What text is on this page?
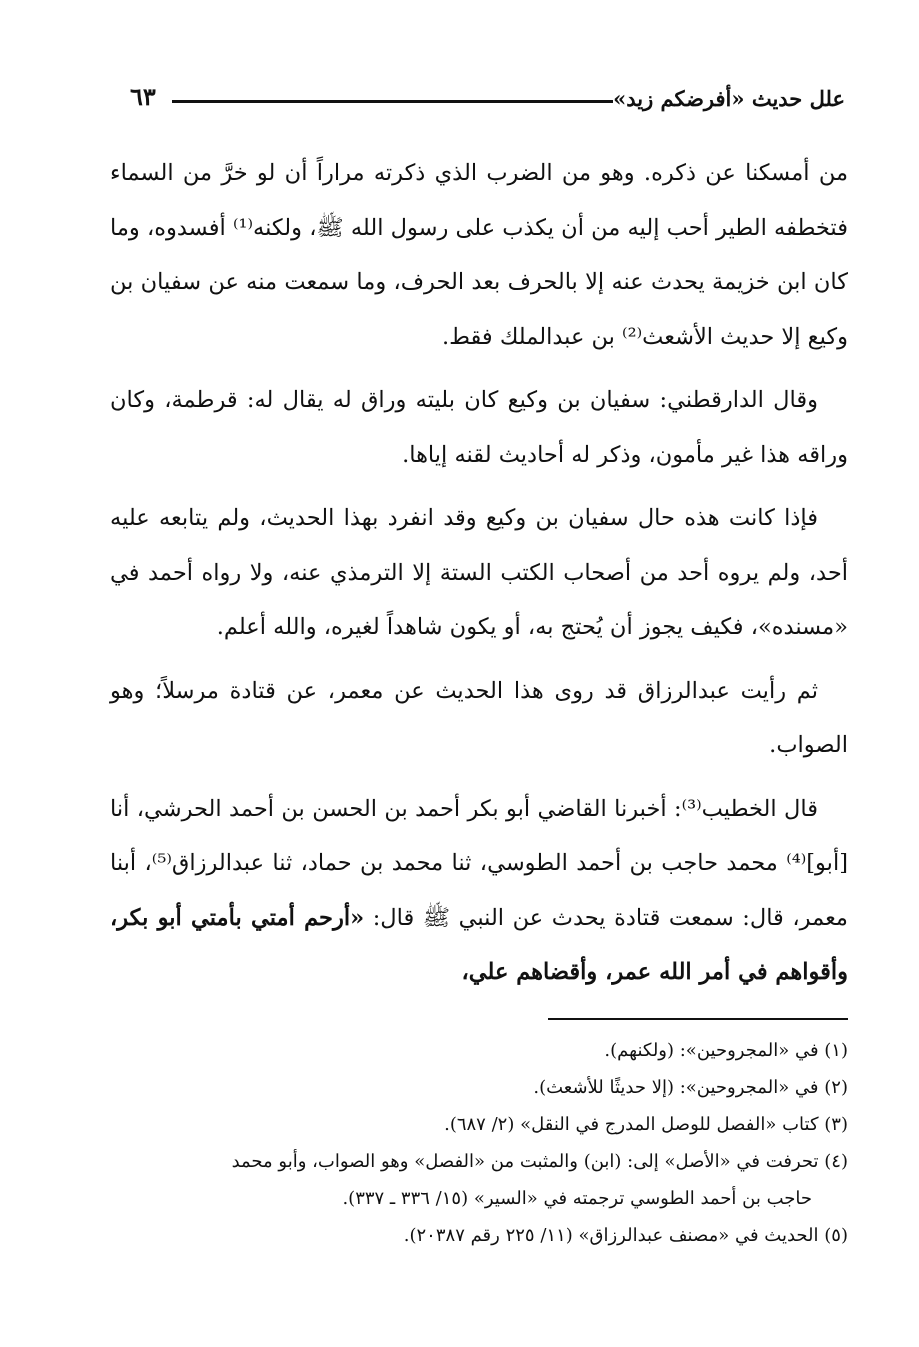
علل حديث «أفرضكم زيد»
٦٣

من أمسكنا عن ذكره. وهو من الضرب الذي ذكرته مراراً أن لو خرَّ من السماء فتخطفه الطير أحب إليه من أن يكذب على رسول الله ﷺ، ولكنه⁽¹⁾ أفسدوه، وما كان ابن خزيمة يحدث عنه إلا بالحرف بعد الحرف، وما سمعت منه عن سفيان بن وكيع إلا حديث الأشعث⁽²⁾ بن عبدالملك فقط.

وقال الدارقطني: سفيان بن وكيع كان بليته وراق له يقال له: قرطمة، وكان وراقه هذا غير مأمون، وذكر له أحاديث لقنه إياها.

فإذا كانت هذه حال سفيان بن وكيع وقد انفرد بهذا الحديث، ولم يتابعه عليه أحد، ولم يروه أحد من أصحاب الكتب الستة إلا الترمذي عنه، ولا رواه أحمد في «مسنده»، فكيف يجوز أن يُحتج به، أو يكون شاهداً لغيره، والله أعلم.

ثم رأيت عبدالرزاق قد روى هذا الحديث عن معمر، عن قتادة مرسلاً؛ وهو الصواب.

قال الخطيب⁽³⁾: أخبرنا القاضي أبو بكر أحمد بن الحسن بن أحمد الحرشي، أنا [أبو]⁽⁴⁾ محمد حاجب بن أحمد الطوسي، ثنا محمد بن حماد، ثنا عبدالرزاق⁽⁵⁾، أبنا معمر، قال: سمعت قتادة يحدث عن النبي ﷺ قال: «أرحم أمتي بأمتي أبو بكر، وأقواهم في أمر الله عمر، وأقضاهم علي،

(١) في «المجروحين»: (ولكنهم).

(٢) في «المجروحين»: (إلا حديثًا للأشعث).

(٣) كتاب «الفصل للوصل المدرج في النقل» (٢/ ٦٨٧).

(٤) تحرفت في «الأصل» إلى: (ابن) والمثبت من «الفصل» وهو الصواب، وأبو محمد

حاجب بن أحمد الطوسي ترجمته في «السير» (١٥/ ٣٣٦ ـ ٣٣٧).

(٥) الحديث في «مصنف عبدالرزاق» (١١/ ٢٢٥ رقم ٢٠٣٨٧).
